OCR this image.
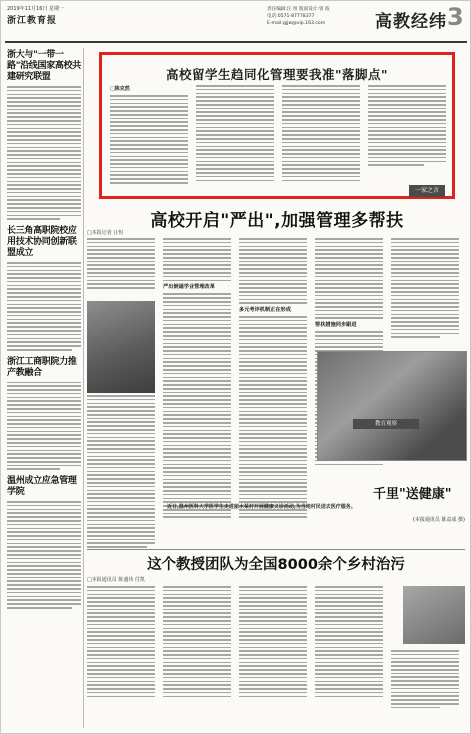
2019年11月16日 星期一
浙江教育报
责任编辑:汪 恒 版面设计:曾 波
电话:0571-87778377
E-mail:gjjw@vip.163.com	高教经纬 3
浙大与"一带一路"沿线国家高校共建研究联盟
长三角高职院校应用技术协同创新联盟成立
浙江工商职院力推产教融合
温州成立应急管理学院
高校留学生趋同化管理要我准"落脚点"
□陈克然
一家之言
高校开启"严出",加强管理多帮扶
□本报记者 汪恒
严出倒逼学业管理改革
多元考评机制正在形成
帮扶措施同步跟进
教育观察
千里"送健康"
近日,温州医科大学医学生走进丽水某村开展健康义诊活动,为当地村民送去医疗服务。
(本报通讯员 陈益成 摄)
这个教授团队为全国8000余个乡村治污
□本报通讯员 陈盛伟 付凯
